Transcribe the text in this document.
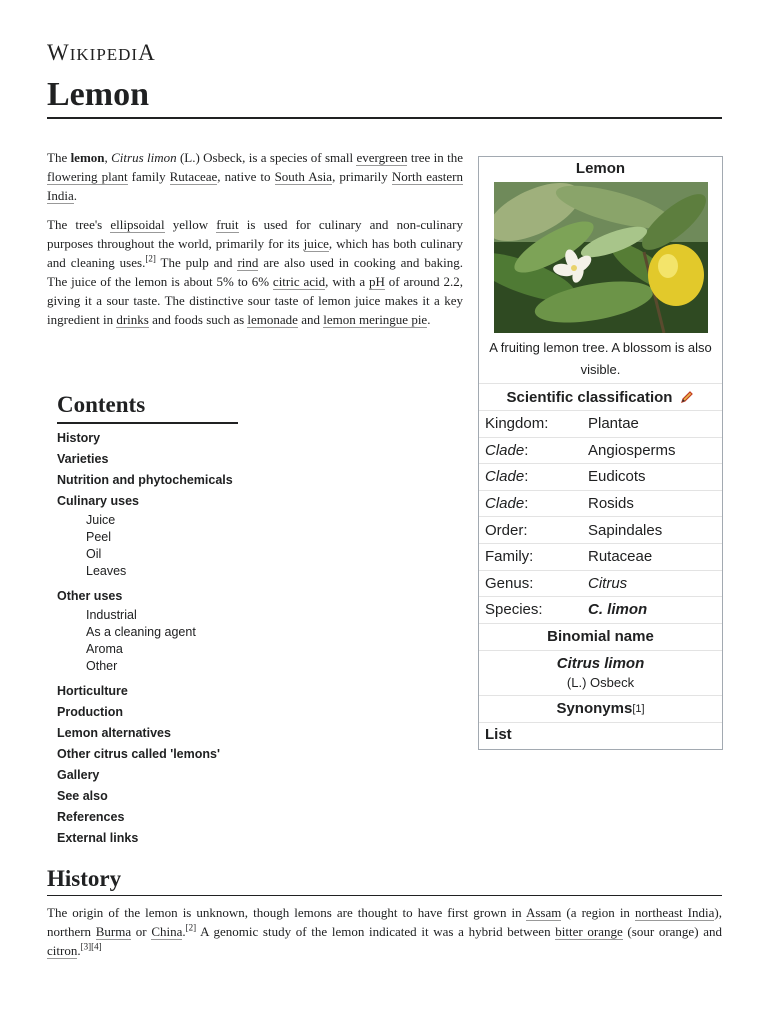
WIKIPEDIA
Lemon

The lemon, Citrus limon (L.) Osbeck, is a species of small evergreen tree in the flowering plant family Rutaceae, native to South Asia, primarily North eastern India.

The tree's ellipsoidal yellow fruit is used for culinary and non-culinary purposes throughout the world, primarily for its juice, which has both culinary and cleaning uses.[2] The pulp and rind are also used in cooking and baking. The juice of the lemon is about 5% to 6% citric acid, with a pH of around 2.2, giving it a sour taste. The distinctive sour taste of lemon juice makes it a key ingredient in drinks and foods such as lemonade and lemon meringue pie.

Lemon
A fruiting lemon tree. A blossom is also visible.
Scientific classification
Kingdom:	Plantae
Clade:	Angiosperms
Clade:	Eudicots
Clade:	Rosids
Order:	Sapindales
Family:	Rutaceae
Genus:	Citrus
Species:	C. limon
Binomial name
Citrus limon
(L.) Osbeck
Synonyms [1]
List
Contents
History
Varieties
Nutrition and phytochemicals
Culinary uses
Juice
Peel
Oil
Leaves
Other uses
Industrial
As a cleaning agent
Aroma
Other
Horticulture
Production
Lemon alternatives
Other citrus called 'lemons'
Gallery
See also
References
External links
History

The origin of the lemon is unknown, though lemons are thought to have first grown in Assam (a region in northeast India), northern Burma or China.[2] A genomic study of the lemon indicated it was a hybrid between bitter orange (sour orange) and citron.[3][4]
